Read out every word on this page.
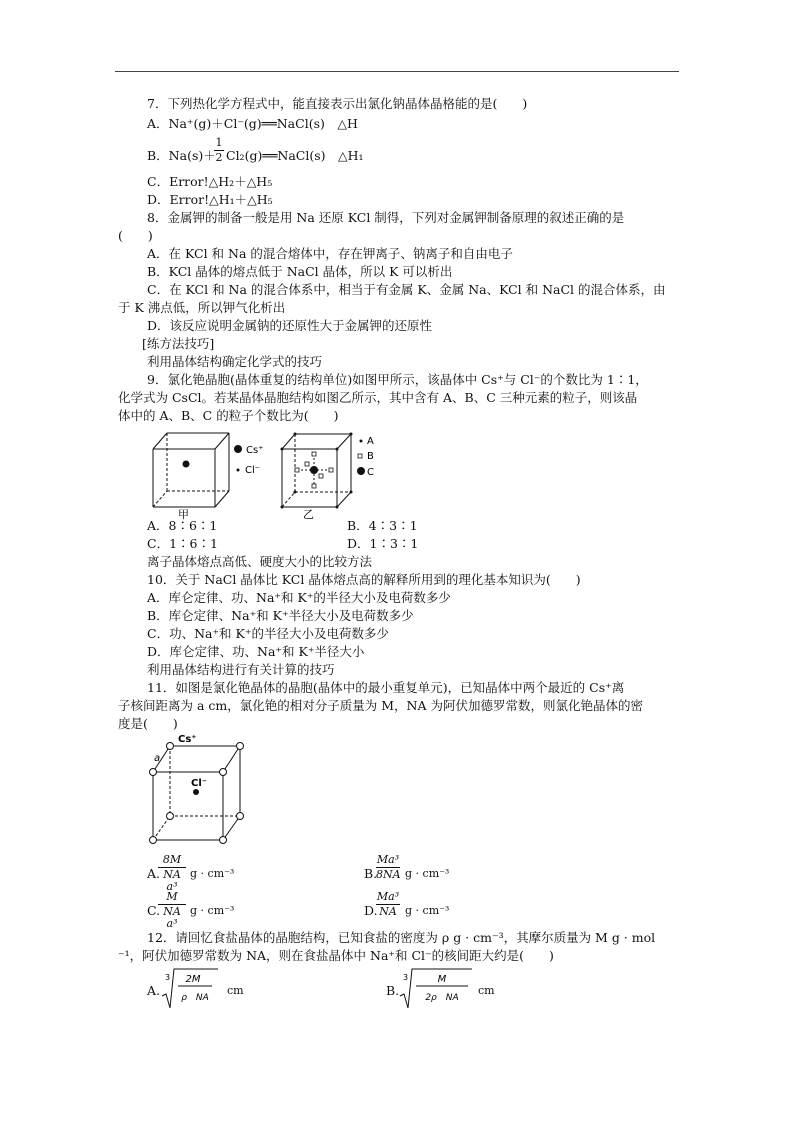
7．下列热化学方程式中，能直接表示出氯化钠晶体晶格能的是(　　)
A．Na⁺(g)＋Cl⁻(g)══NaCl(s)　△H
B．Na(s)＋
1
2 Cl₂(g)══NaCl(s)　△H₁
C．Error!△H₂＋△H₅
D．Error!△H₁＋△H₅
8．金属钾的制备一般是用 Na 还原 KCl 制得，下列对金属钾制备原理的叙述正确的是
(　　)
A．在 KCl 和 Na 的混合熔体中，存在钾离子、钠离子和自由电子
B．KCl 晶体的熔点低于 NaCl 晶体，所以 K 可以析出
C．在 KCl 和 Na 的混合体系中，相当于有金属 K、金属 Na、KCl 和 NaCl 的混合体系，由
于 K 沸点低，所以钾气化析出
D．该反应说明金属钠的还原性大于金属钾的还原性
[练方法技巧]
利用晶体结构确定化学式的技巧
9．氯化铯晶胞(晶体重复的结构单位)如图甲所示，该晶体中 Cs⁺与 Cl⁻的个数比为 1∶1，
化学式为 CsCl。若某晶体晶胞结构如图乙所示，其中含有 A、B、C 三种元素的粒子，则该晶
体中的 A、B、C 的粒子个数比为(　　)
Cs⁺
Cl⁻
甲
A
B
C
乙
A．8∶6∶1	B．4∶3∶1
C．1∶6∶1	D．1∶3∶1
离子晶体熔点高低、硬度大小的比较方法
10．关于 NaCl 晶体比 KCl 晶体熔点高的解释所用到的理化基本知识为(　　)
A．库仑定律、功、Na⁺和 K⁺的半径大小及电荷数多少
B．库仑定律、Na⁺和 K⁺半径大小及电荷数多少
C．功、Na⁺和 K⁺的半径大小及电荷数多少
D．库仑定律、功、Na⁺和 K⁺半径大小
利用晶体结构进行有关计算的技巧
11．如图是氯化铯晶体的晶胞(晶体中的最小重复单元)，已知晶体中两个最近的 Cs⁺离
子核间距离为 a cm，氯化铯的相对分子质量为 M，NA 为阿伏加德罗常数，则氯化铯晶体的密
度是(　　)
Cs⁺
Cl⁻
a
A.
8M
NA a³
g · cm⁻³	B.
Ma³
8NA g · cm⁻³
C.
M
NA a³
g · cm⁻³	D.
Ma³
NA g · cm⁻³
12．请回忆食盐晶体的晶胞结构，已知食盐的密度为 ρ g · cm⁻³，其摩尔质量为 M g · mol
⁻¹，阿伏加德罗常数为 NA，则在食盐晶体中 Na⁺和 Cl⁻的核间距大约是(　　)
A.
3 2M
ρ　NA
cm	B.
3	M
2ρ　NA
cm
